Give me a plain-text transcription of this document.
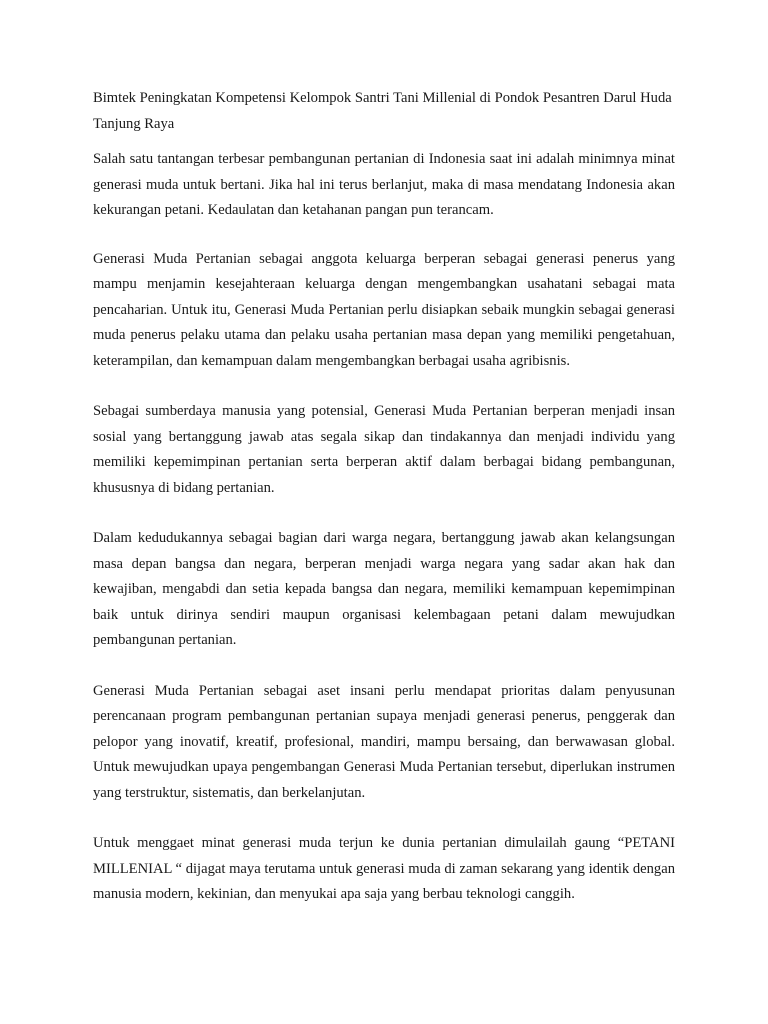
Bimtek Peningkatan Kompetensi Kelompok Santri Tani Millenial di Pondok Pesantren Darul Huda Tanjung Raya

Salah satu tantangan terbesar pembangunan pertanian di Indonesia saat ini adalah minimnya minat generasi muda untuk bertani. Jika hal ini terus berlanjut, maka di masa mendatang Indonesia akan kekurangan petani. Kedaulatan dan ketahanan pangan pun terancam.

Generasi Muda Pertanian sebagai anggota keluarga berperan sebagai generasi penerus yang mampu menjamin kesejahteraan keluarga dengan mengembangkan usahatani sebagai mata pencaharian. Untuk itu, Generasi Muda Pertanian perlu disiapkan sebaik mungkin sebagai generasi muda penerus pelaku utama dan pelaku usaha pertanian masa depan yang memiliki pengetahuan, keterampilan, dan kemampuan dalam mengembangkan berbagai usaha agribisnis.

Sebagai sumberdaya manusia yang potensial, Generasi Muda Pertanian berperan menjadi insan sosial yang bertanggung jawab atas segala sikap dan tindakannya dan menjadi individu yang memiliki kepemimpinan pertanian serta berperan aktif dalam berbagai bidang pembangunan, khususnya di bidang pertanian.

Dalam kedudukannya sebagai bagian dari warga negara, bertanggung jawab akan kelangsungan masa depan bangsa dan negara, berperan menjadi warga negara yang sadar akan hak dan kewajiban, mengabdi dan setia kepada bangsa dan negara, memiliki kemampuan kepemimpinan baik untuk dirinya sendiri maupun organisasi kelembagaan petani dalam mewujudkan pembangunan pertanian.

Generasi Muda Pertanian sebagai aset insani perlu mendapat prioritas dalam penyusunan perencanaan program pembangunan pertanian supaya menjadi generasi penerus, penggerak dan pelopor yang inovatif, kreatif, profesional, mandiri, mampu bersaing, dan berwawasan global. Untuk mewujudkan upaya pengembangan Generasi Muda Pertanian tersebut, diperlukan instrumen yang terstruktur, sistematis, dan berkelanjutan.

Untuk menggaet minat generasi muda terjun ke dunia pertanian dimulailah gaung “PETANI MILLENIAL “ dijagat maya terutama untuk generasi muda di zaman sekarang yang identik dengan manusia modern, kekinian, dan menyukai apa saja yang berbau teknologi canggih.
